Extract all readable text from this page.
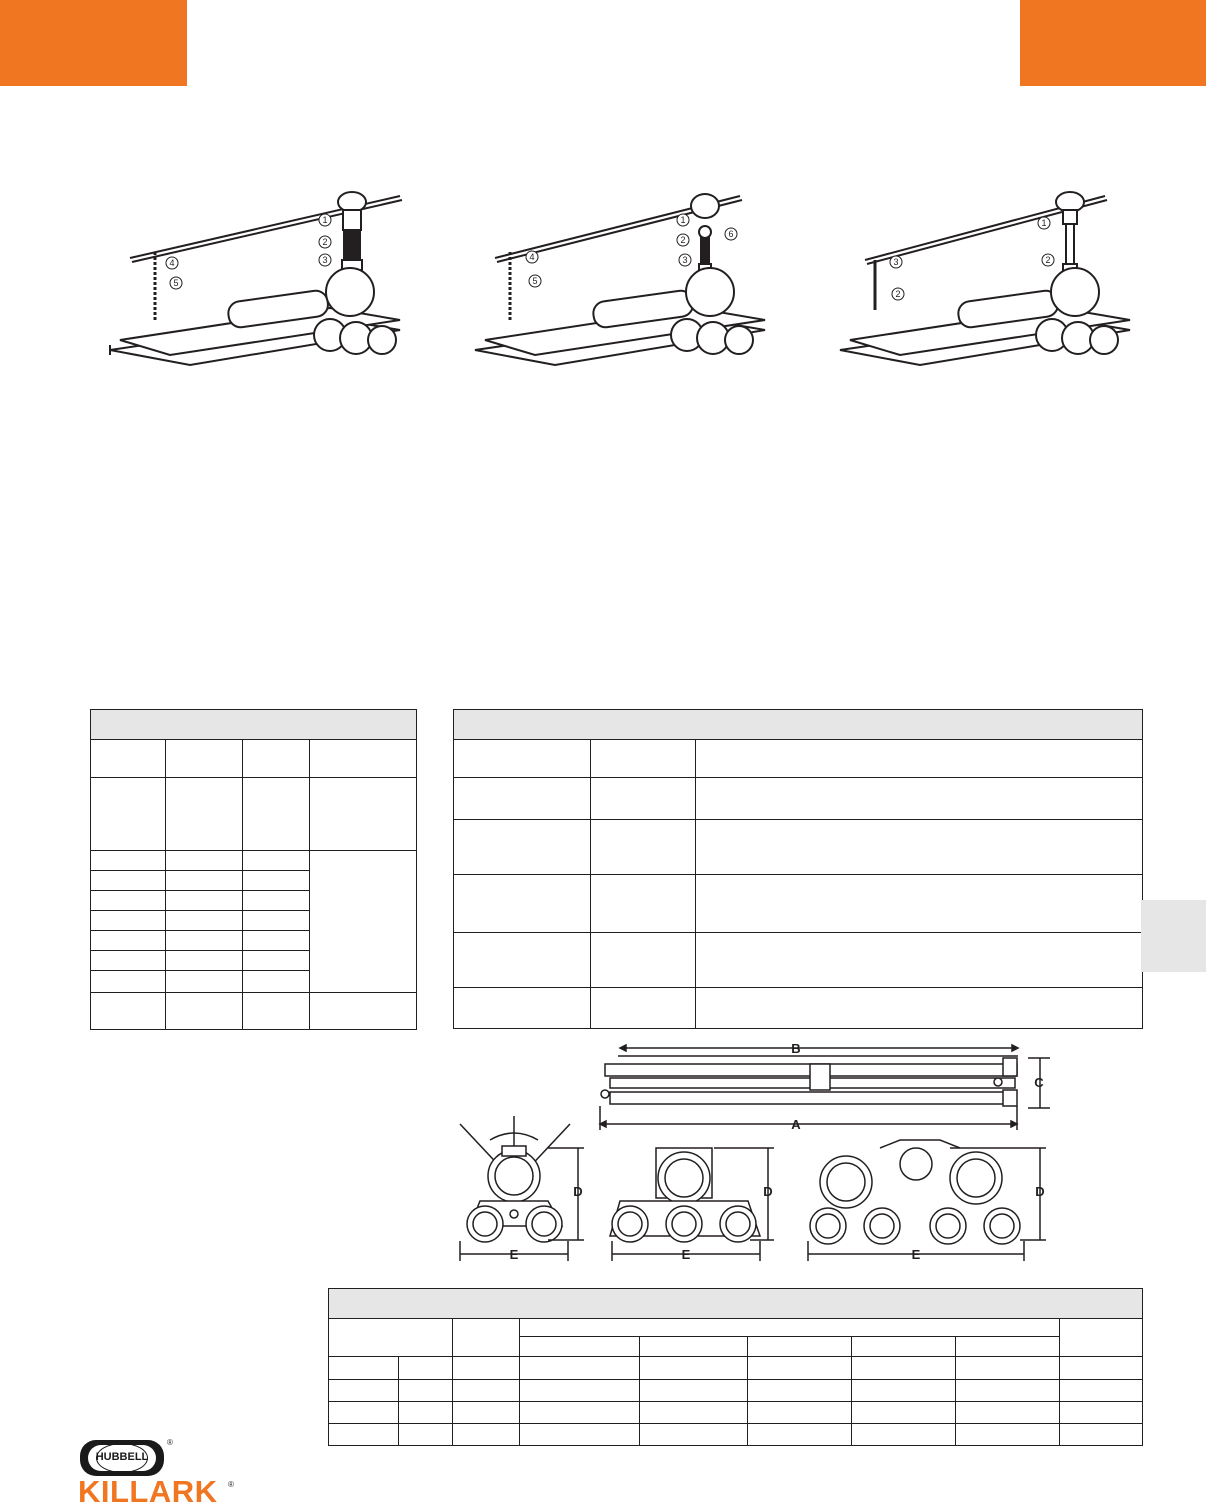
1
2
3
4
5
1
2
3
4
5
6
1
2
3
2

B
A
C
D	D	D
E	E	E

HUBBELL
®
KILLARK ®
